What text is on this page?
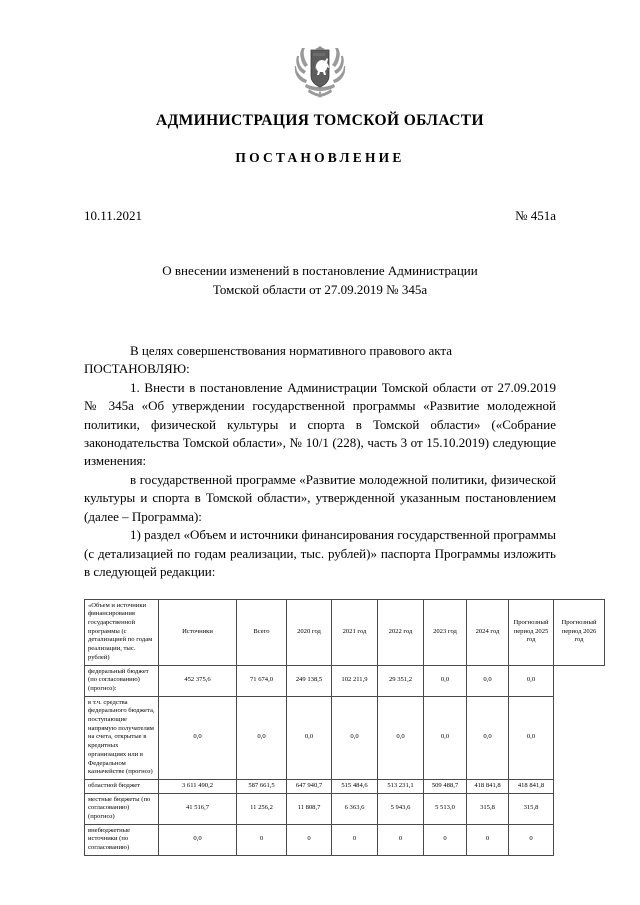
АДМИНИСТРАЦИЯ ТОМСКОЙ ОБЛАСТИ
ПОСТАНОВЛЕНИЕ
10.11.2021	№ 451а
О внесении изменений в постановление Администрации
Томской области от 27.09.2019 № 345а

В целях совершенствования нормативного правового акта

ПОСТАНОВЛЯЮ:

1. Внести в постановление Администрации Томской области от 27.09.2019 № 345а «Об утверждении государственной программы «Развитие молодежной политики, физической культуры и спорта в Томской области» («Собрание законодательства Томской области», № 10/1 (228), часть 3 от 15.10.2019) следующие изменения:

в государственной программе «Развитие молодежной политики, физической культуры и спорта в Томской области», утвержденной указанным постановлением (далее – Программа):

1) раздел «Объем и источники финансирования государственной программы (с детализацией по годам реализации, тыс. рублей)» паспорта Программы изложить в следующей редакции:

«Объем и источники финансирования государственной программы (с детализацией по годам реализации, тыс. рублей)	Источники	Всего	2020 год	2021 год	2022 год	2023 год	2024 год	Прогнозный период 2025 год	Прогнозный период 2026 год
федеральный бюджет (по согласованию) (прогноз):	452 375,6	71 674,0	249 138,5	102 211,9	29 351,2	0,0	0,0	0,0	
в т.ч. средства федерального бюджета, поступающие напрямую получателям на счета, открытые в кредитных организациях или в Федеральном казначействе (прогноз)	0,0	0,0	0,0	0,0	0,0	0,0	0,0	0,0	
областной бюджет	3 611 490,2	587 661,5	647 940,7	515 484,6	513 231,1	509 488,7	418 841,8	418 841,8	
местные бюджеты (по согласованию) (прогноз)	41 516,7	11 256,2	11 808,7	6 363,6	5 943,6	5 513,0	315,8	315,8	
внебюджетные источники (по согласованию)	0,0	0	0	0	0	0	0	0	
